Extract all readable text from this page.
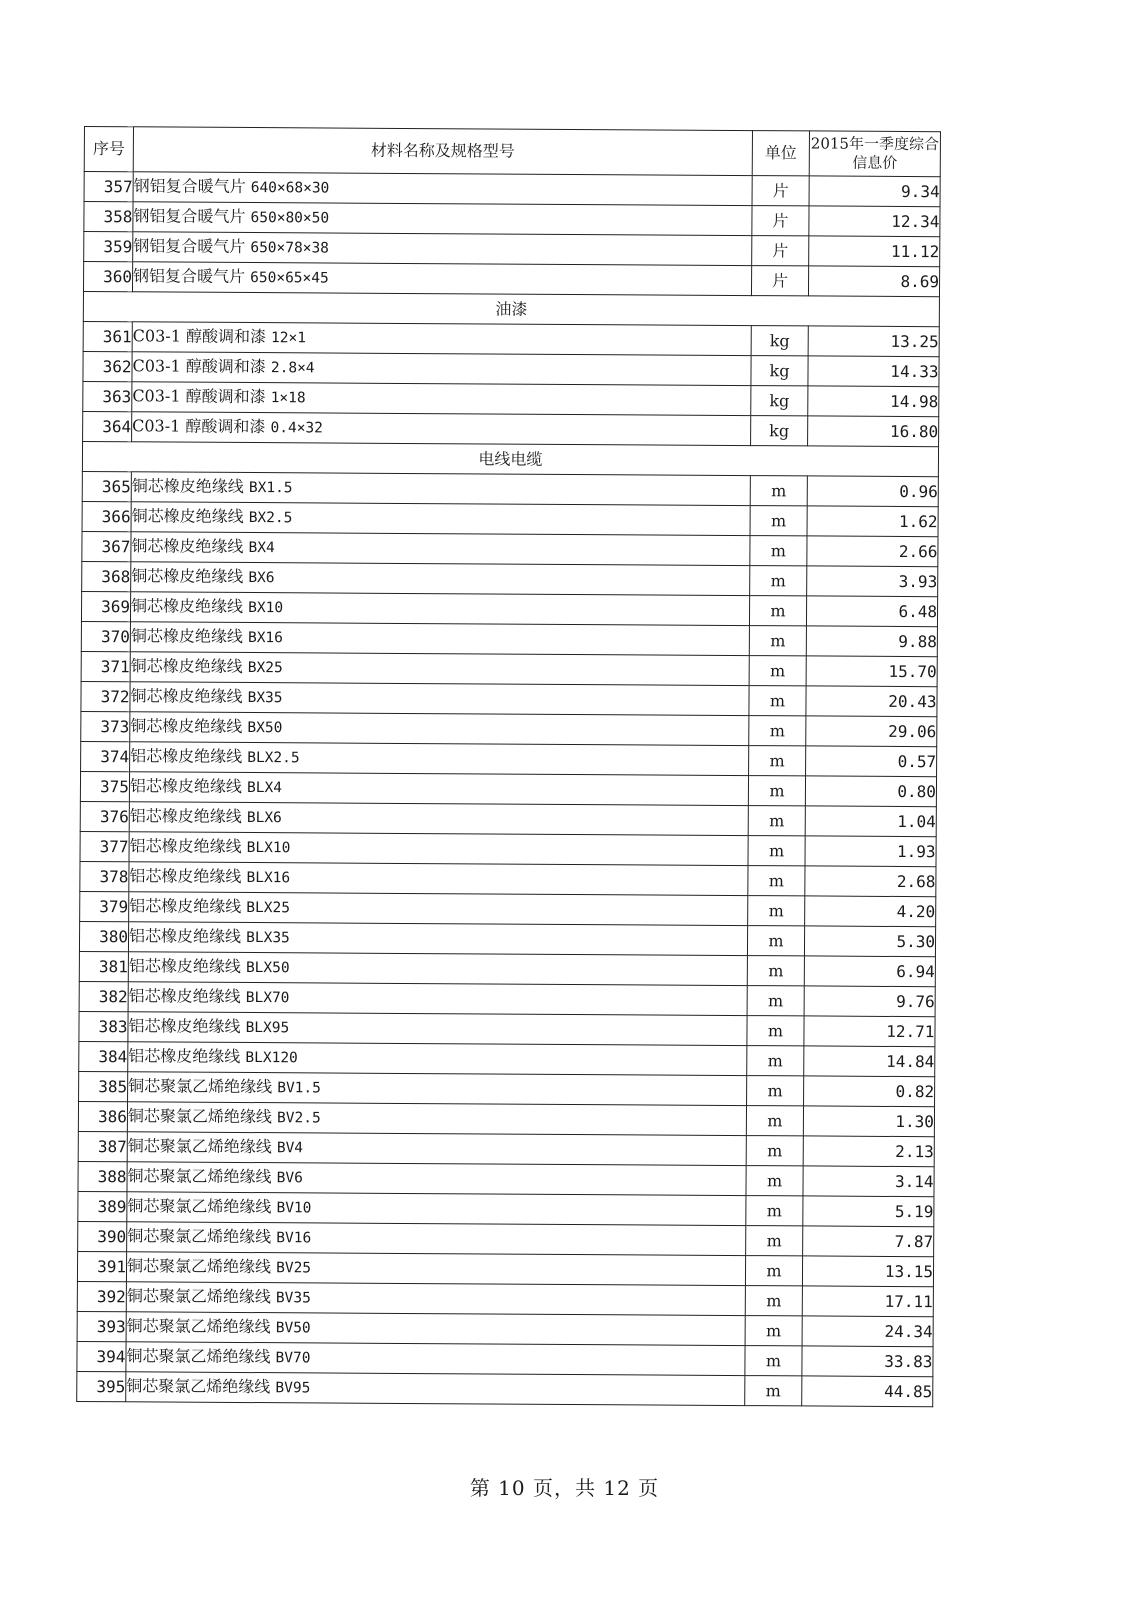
序号	材料名称及规格型号	单位	2015年一季度综合信息价
357	钢铝复合暖气片 640×68×30	片	9.34
358	钢铝复合暖气片 650×80×50	片	12.34
359	钢铝复合暖气片 650×78×38	片	11.12
360	钢铝复合暖气片 650×65×45	片	8.69
油漆			
361	C03-1 醇酸调和漆 12×1	kg	13.25
362	C03-1 醇酸调和漆 2.8×4	kg	14.33
363	C03-1 醇酸调和漆 1×18	kg	14.98
364	C03-1 醇酸调和漆 0.4×32	kg	16.80
电线电缆			
365	铜芯橡皮绝缘线 BX1.5	m	0.96
366	铜芯橡皮绝缘线 BX2.5	m	1.62
367	铜芯橡皮绝缘线 BX4	m	2.66
368	铜芯橡皮绝缘线 BX6	m	3.93
369	铜芯橡皮绝缘线 BX10	m	6.48
370	铜芯橡皮绝缘线 BX16	m	9.88
371	铜芯橡皮绝缘线 BX25	m	15.70
372	铜芯橡皮绝缘线 BX35	m	20.43
373	铜芯橡皮绝缘线 BX50	m	29.06
374	铝芯橡皮绝缘线 BLX2.5	m	0.57
375	铝芯橡皮绝缘线 BLX4	m	0.80
376	铝芯橡皮绝缘线 BLX6	m	1.04
377	铝芯橡皮绝缘线 BLX10	m	1.93
378	铝芯橡皮绝缘线 BLX16	m	2.68
379	铝芯橡皮绝缘线 BLX25	m	4.20
380	铝芯橡皮绝缘线 BLX35	m	5.30
381	铝芯橡皮绝缘线 BLX50	m	6.94
382	铝芯橡皮绝缘线 BLX70	m	9.76
383	铝芯橡皮绝缘线 BLX95	m	12.71
384	铝芯橡皮绝缘线 BLX120	m	14.84
385	铜芯聚氯乙烯绝缘线 BV1.5	m	0.82
386	铜芯聚氯乙烯绝缘线 BV2.5	m	1.30
387	铜芯聚氯乙烯绝缘线 BV4	m	2.13
388	铜芯聚氯乙烯绝缘线 BV6	m	3.14
389	铜芯聚氯乙烯绝缘线 BV10	m	5.19
390	铜芯聚氯乙烯绝缘线 BV16	m	7.87
391	铜芯聚氯乙烯绝缘线 BV25	m	13.15
392	铜芯聚氯乙烯绝缘线 BV35	m	17.11
393	铜芯聚氯乙烯绝缘线 BV50	m	24.34
394	铜芯聚氯乙烯绝缘线 BV70	m	33.83
395	铜芯聚氯乙烯绝缘线 BV95	m	44.85
第 10 页，共 12 页
